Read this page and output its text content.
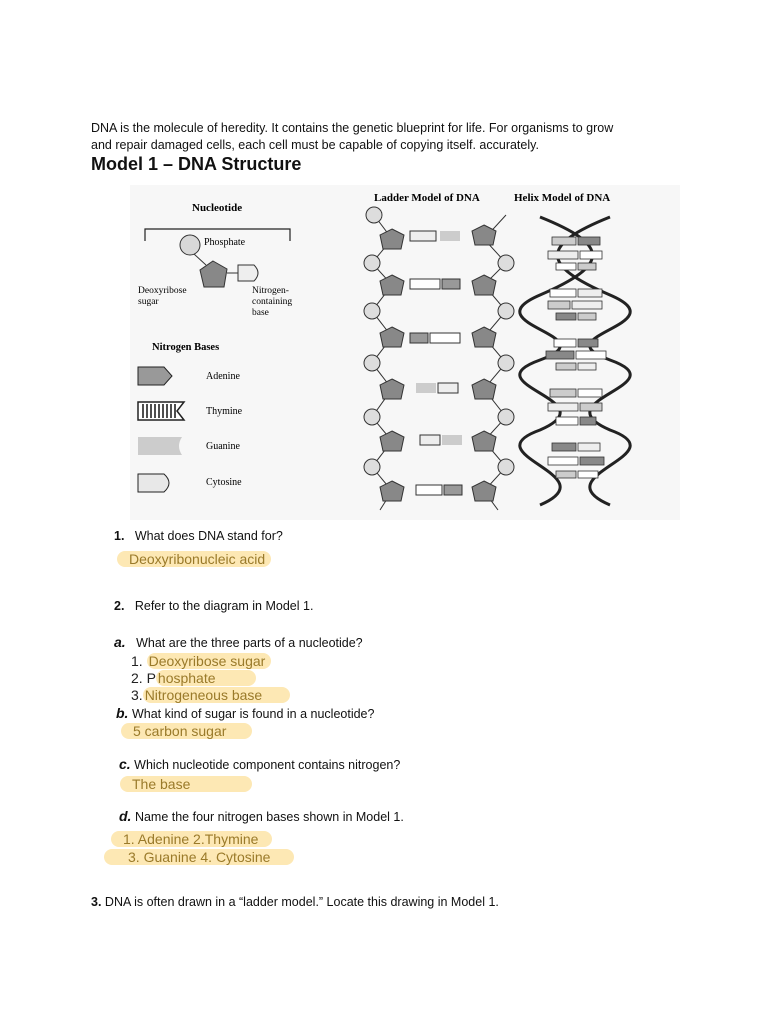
DNA is the molecule of heredity. It contains the genetic blueprint for life. For organisms to grow
and repair damaged cells, each cell must be capable of copying itself. accurately.
Model 1 – DNA Structure
Nucleotide
Phosphate
Deoxyribose
sugar
Nitrogen-
containing
base
Nitrogen Bases
Adenine
Thymine
Guanine
Cytosine
Ladder Model of DNA	Helix Model of DNA
1. What does DNA stand for?
Deoxyribonucleic acid
2. Refer to the diagram in Model 1.
a. What are the three parts of a nucleotide?
1. Deoxyribose sugar
2. P hosphate
3. Nitrogeneous base
b. What kind of sugar is found in a nucleotide?
5 carbon sugar
c. Which nucleotide component contains nitrogen?
The base
d. Name the four nitrogen bases shown in Model 1.
1. Adenine 2.Thymine
3. Guanine 4. Cytosine
3. DNA is often drawn in a “ladder model.” Locate this drawing in Model 1.
